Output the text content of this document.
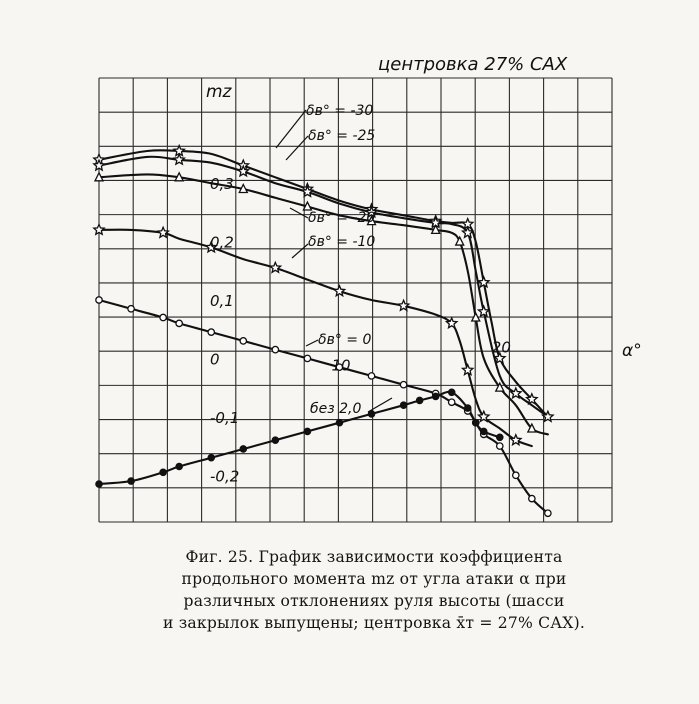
центровка 27% САХ
mz
α°
δв° = -30
δв° = -25
δв° = -20
δв° = -10
δв° = 0
без 2,0
0,3
0,2
0,1
0
-0,1
-0,2
10
20
Фиг. 25. График зависимости коэффициента
продольного момента mz от угла атаки α при
различных отклонениях руля высоты (шасси
и закрылок выпущены; центровка x̄т = 27% САХ).
